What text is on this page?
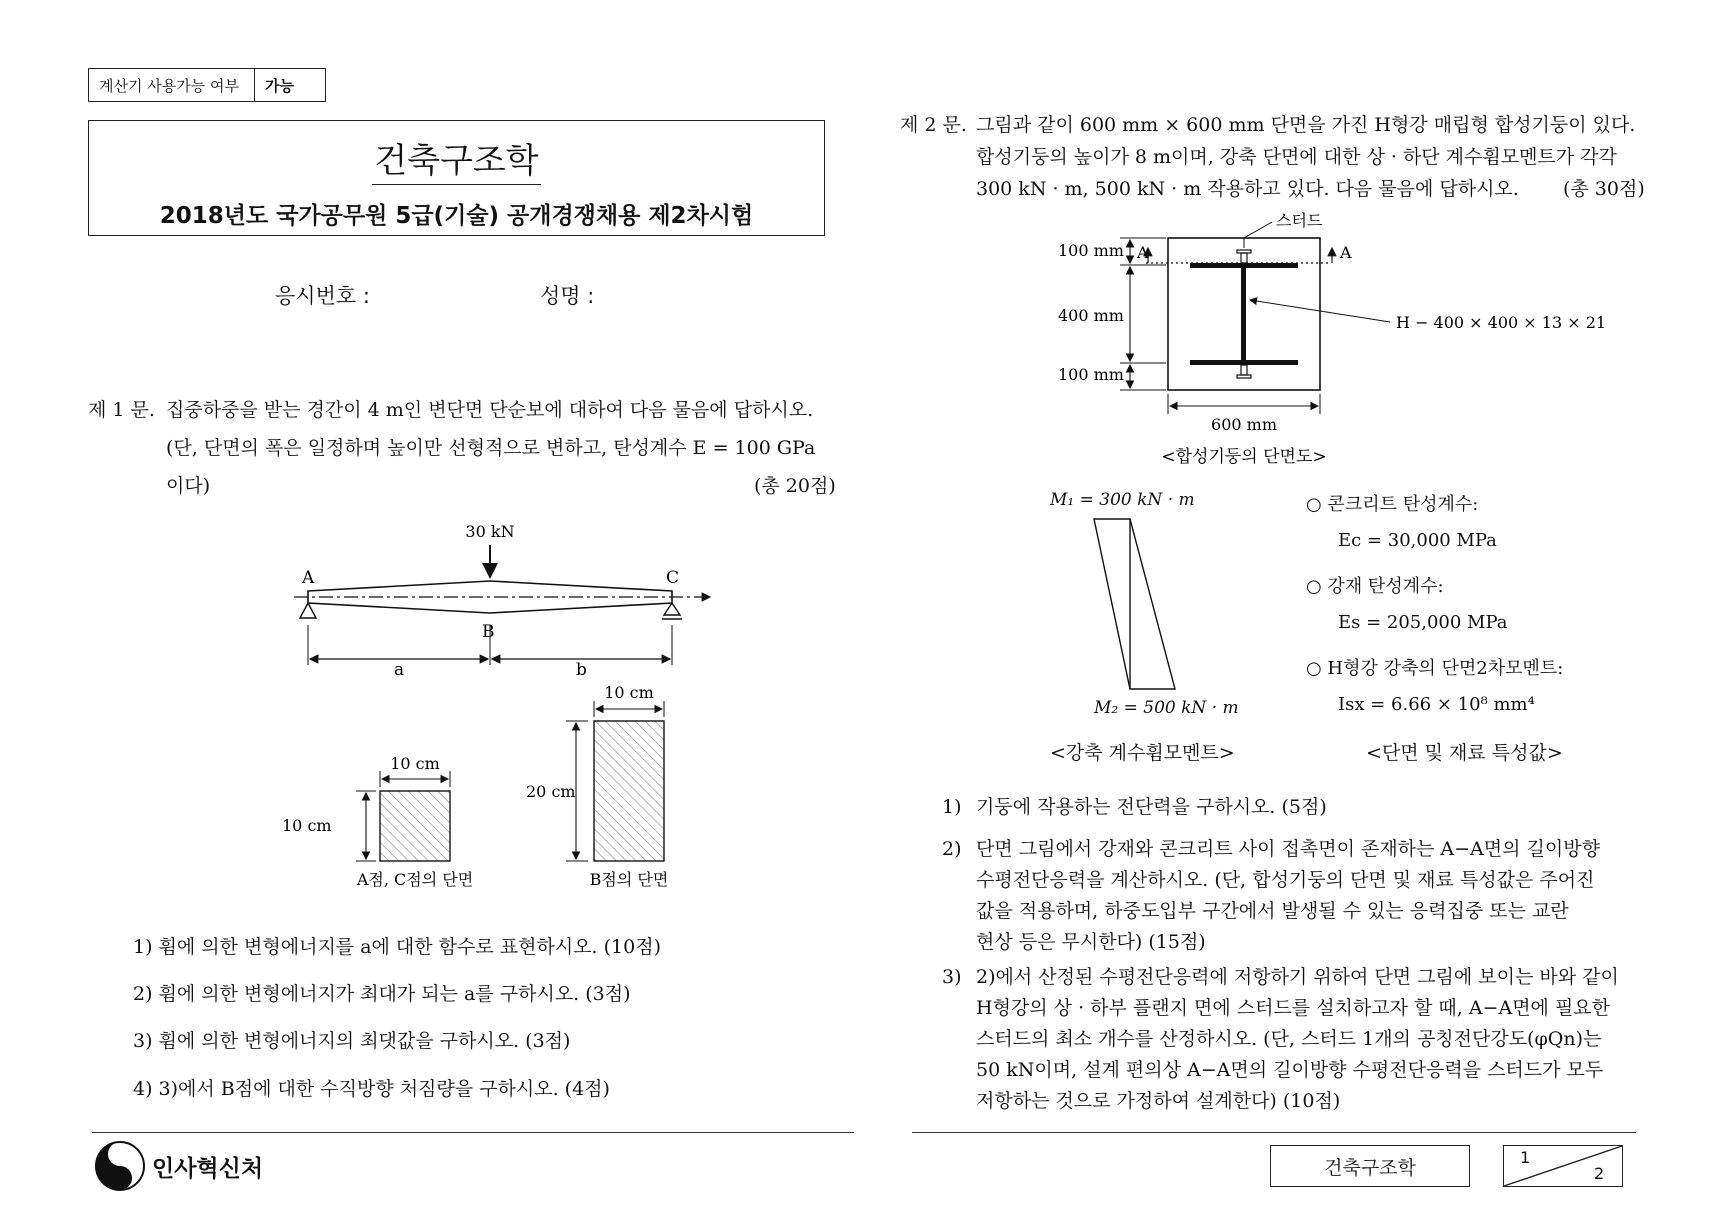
계산기 사용가능 여부	가능
건축구조학
2018년도 국가공무원 5급(기술) 공개경쟁채용 제2차시험
응시번호 :	성명 :
제 1 문. 집중하중을 받는 경간이 4 m인 변단면 단순보에 대하여 다음 물음에 답하시오.
(단, 단면의 폭은 일정하며 높이만 선형적으로 변하고, 탄성계수 E = 100 GPa
이다)	(총 20점)
30 kN
A	C
B
a	b
10 cm
10 cm
A점, C점의 단면
10 cm
20 cm
B점의 단면
1) 휨에 의한 변형에너지를 a에 대한 함수로 표현하시오. (10점)
2) 휨에 의한 변형에너지가 최대가 되는 a를 구하시오. (3점)
3) 휨에 의한 변형에너지의 최댓값을 구하시오. (3점)
4) 3)에서 B점에 대한 수직방향 처짐량을 구하시오. (4점)
제 2 문. 그림과 같이 600 mm × 600 mm 단면을 가진 H형강 매립형 합성기둥이 있다.
합성기둥의 높이가 8 m이며, 강축 단면에 대한 상 · 하단 계수휨모멘트가 각각
300 kN · m, 500 kN · m 작용하고 있다. 다음 물음에 답하시오. (총 30점)
A	A
스터드
H − 400 × 400 × 13 × 21
100 mm
400 mm
100 mm
600 mm
<합성기둥의 단면도>
M₁ = 300 kN · m
M₂ = 500 kN · m
<강축 계수휨모멘트>
○ 콘크리트 탄성계수:
Ec = 30,000 MPa
○ 강재 탄성계수:
Es = 205,000 MPa
○ H형강 강축의 단면2차모멘트:
Isx = 6.66 × 10⁸ mm⁴
<단면 및 재료 특성값>
1) 기둥에 작용하는 전단력을 구하시오. (5점)
2) 단면 그림에서 강재와 콘크리트 사이 접촉면이 존재하는 A−A면의 길이방향
수평전단응력을 계산하시오. (단, 합성기둥의 단면 및 재료 특성값은 주어진
값을 적용하며, 하중도입부 구간에서 발생될 수 있는 응력집중 또는 교란
현상 등은 무시한다) (15점)
3) 2)에서 산정된 수평전단응력에 저항하기 위하여 단면 그림에 보이는 바와 같이
H형강의 상 · 하부 플랜지 면에 스터드를 설치하고자 할 때, A−A면에 필요한
스터드의 최소 개수를 산정하시오. (단, 스터드 1개의 공칭전단강도(φQn)는
50 kN이며, 설계 편의상 A−A면의 길이방향 수평전단응력을 스터드가 모두
저항하는 것으로 가정하여 설계한다) (10점)
인사혁신처	건축구조학	1
2
